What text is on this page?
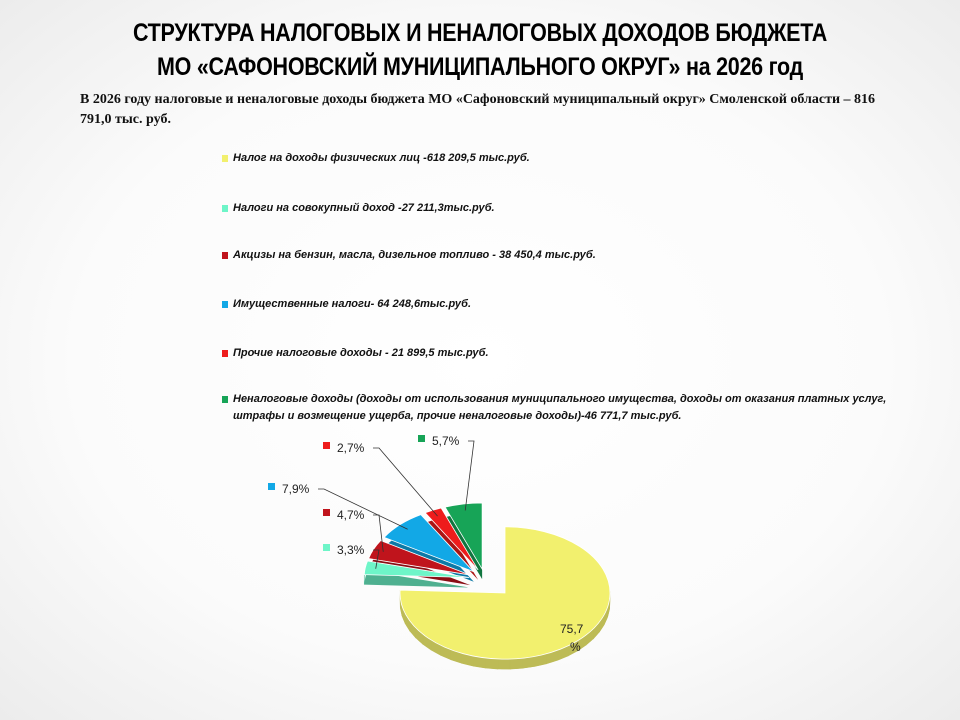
СТРУКТУРА НАЛОГОВЫХ И НЕНАЛОГОВЫХ ДОХОДОВ БЮДЖЕТА
МО «САФОНОВСКИЙ МУНИЦИПАЛЬНОГО ОКРУГ» на 2026 год
В 2026 году налоговые и неналоговые доходы бюджета МО «Сафоновский муниципальный округ» Смоленской области – 816 791,0 тыс. руб.
Налог на доходы физических лиц -618 209,5 тыс.руб.
Налоги на совокупный доход -27 211,3тыс.руб.
Акцизы на бензин, масла, дизельное топливо - 38 450,4 тыс.руб.
Имущественные налоги- 64 248,6тыс.руб.
Прочие налоговые доходы - 21 899,5 тыс.руб.
Неналоговые доходы (доходы от использования муниципального имущества, доходы от оказания платных услуг, штрафы и возмещение ущерба, прочие неналоговые доходы)-46 771,7 тыс.руб.
75,7 %
3,3%
4,7%
7,9%
2,7%	5,7%
